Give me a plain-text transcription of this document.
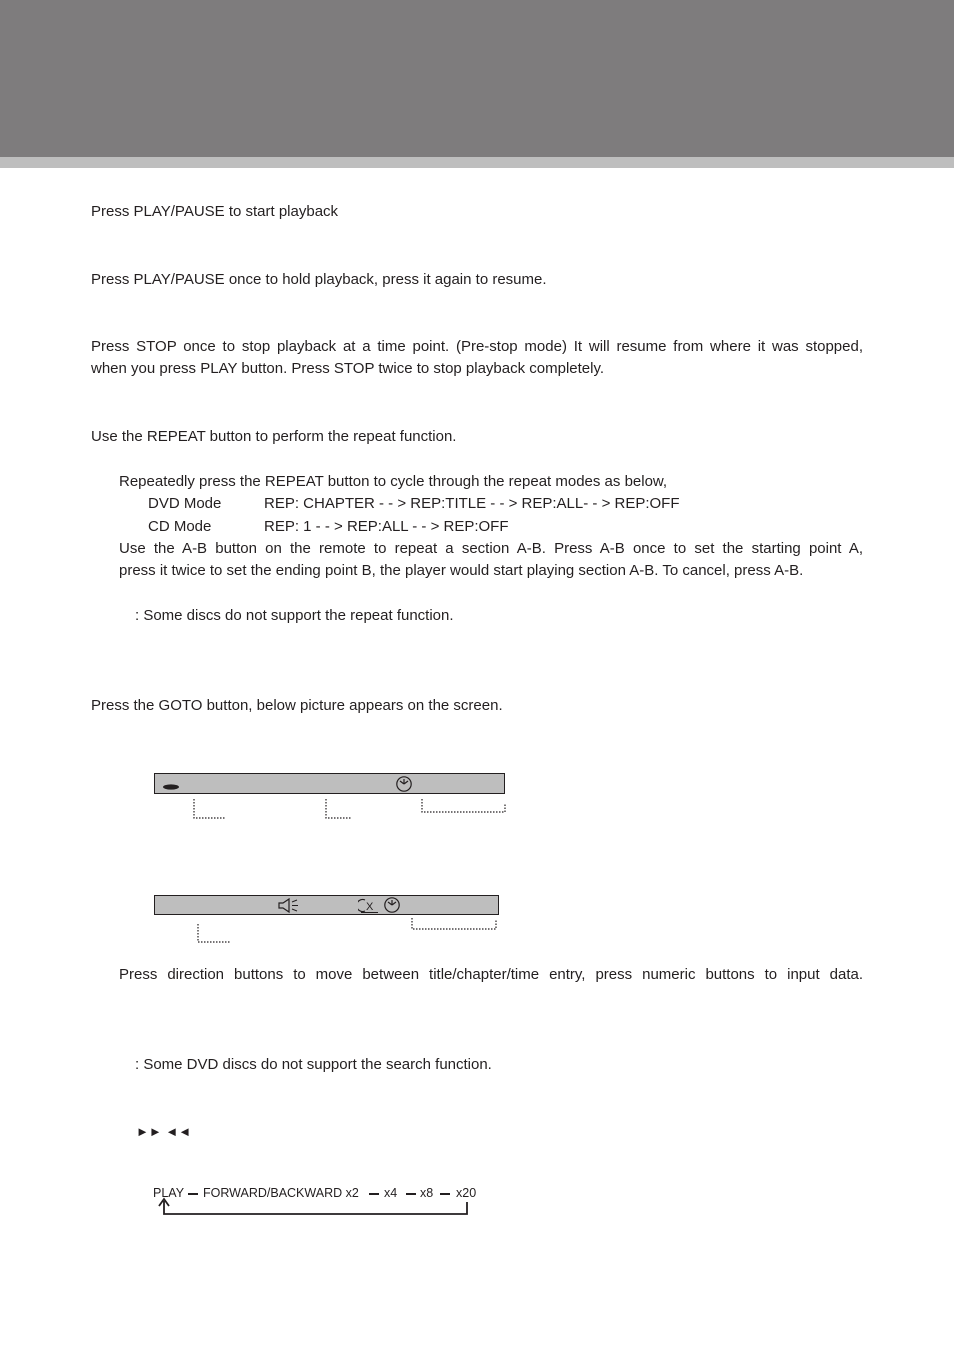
Press PLAY/PAUSE to start playback
Press PLAY/PAUSE once to hold playback, press it again to resume.
Press STOP once to stop playback at a time point. (Pre-stop mode) It will resume from where it was stopped,
when you press PLAY button. Press STOP twice to stop playback completely.
Use the REPEAT button to perform the repeat function.
Repeatedly press the REPEAT button to cycle through the repeat modes as below,
DVD Mode	REP: CHAPTER - - > REP:TITLE - - > REP:ALL- - > REP:OFF
CD Mode	REP: 1 - - > REP:ALL - - > REP:OFF
Use the A-B button on the remote to repeat a section A-B. Press A-B once to set the starting point A,
press it twice to set the ending point B, the player would start playing section A-B. To cancel, press A-B.
: Some discs do not support the repeat function.
Press the GOTO button, below picture appears on the screen.
X
Press direction buttons to move between title/chapter/time entry, press numeric buttons to input data.
: Some DVD discs do not support the search function.
►► ◄◄
PLAY FORWARD/BACKWARD x2 x4 x8 x20
